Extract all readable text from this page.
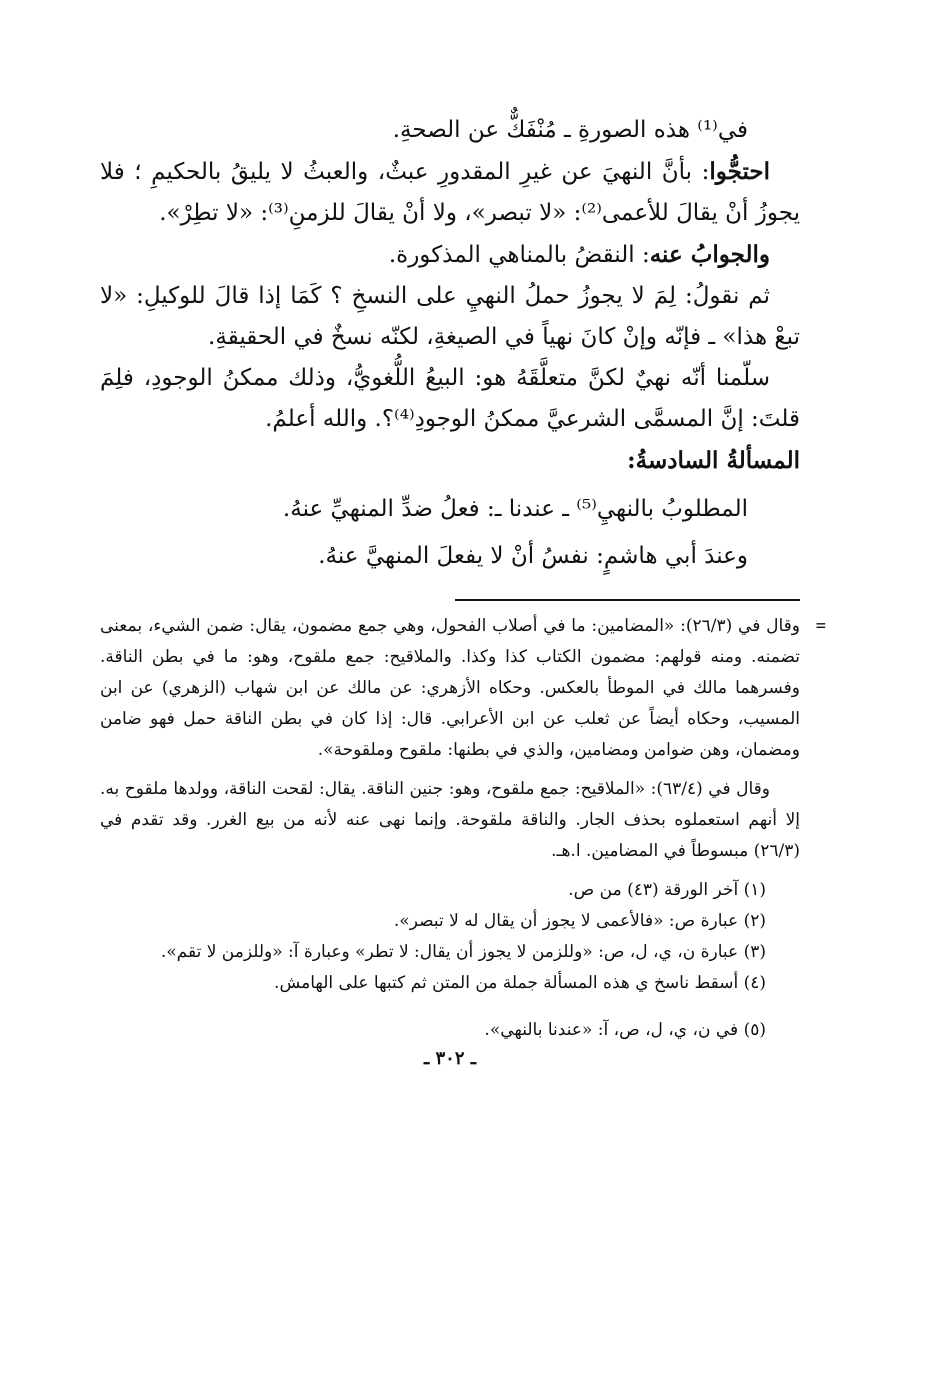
في⁽¹⁾ هذه الصورةِ ـ مُنْفَكٌّ عن الصحةِ.

احتجُّوا: بأنَّ النهيَ عن غيرِ المقدورِ عبثٌ، والعبثُ لا يليقُ بالحكيمِ ؛ فلا يجوزُ أنْ يقالَ للأعمى⁽²⁾: «لا تبصر»، ولا أنْ يقالَ للزمنِ⁽³⁾: «لا تطِرْ».

والجوابُ عنه: النقضُ بالمناهي المذكورة.

ثم نقولُ: لِمَ لا يجوزُ حملُ النهيِ على النسخِ ؟ كَمَا إذا قالَ للوكيلِ: «لا تبعْ هذا» ـ فإنّه وإنْ كانَ نهياً في الصيغةِ، لكنّه نسخٌ في الحقيقةِ.

سلّمنا أنّه نهيٌ لكنَّ متعلَّقَهُ هو: البيعُ اللُّغويُّ، وذلك ممكنُ الوجودِ، فلِمَ قلتَ: إنَّ المسمَّى الشرعيَّ ممكنُ الوجودِ⁽⁴⁾؟. والله أعلمُ.

المسألةُ السادسةُ:

المطلوبُ بالنهيِ⁽⁵⁾ ـ عندنا ـ: فعلُ ضدِّ المنهيِّ عنهُ.

وعندَ أبي هاشمٍ: نفسُ أنْ لا يفعلَ المنهيَّ عنهُ.

=

وقال في (٢٦/٣): «المضامين: ما في أصلاب الفحول، وهي جمع مضمون، يقال: ضمن الشيء، بمعنى تضمنه. ومنه قولهم: مضمون الكتاب كذا وكذا. والملاقيح: جمع ملقوح، وهو: ما في بطن الناقة. وفسرهما مالك في الموطأ بالعكس. وحكاه الأزهري: عن مالك عن ابن شهاب (الزهري) عن ابن المسيب، وحكاه أيضاً عن ثعلب عن ابن الأعرابي. قال: إذا كان في بطن الناقة حمل فهو ضامن ومضمان، وهن ضوامن ومضامين، والذي في بطنها: ملقوح وملقوحة».

وقال في (٦٣/٤): «الملاقيح: جمع ملقوح، وهو: جنين الناقة. يقال: لقحت الناقة، وولدها ملقوح به. إلا أنهم استعملوه بحذف الجار. والناقة ملقوحة. وإنما نهى عنه لأنه من بيع الغرر. وقد تقدم في (٢٦/٣) مبسوطاً في المضامين. ا.هـ.

(١) آخر الورقة (٤٣) من ص.

(٢) عبارة ص: «فالأعمى لا يجوز أن يقال له لا تبصر».

(٣) عبارة ن، ي، ل، ص: «وللزمن لا يجوز أن يقال: لا تطر» وعبارة آ: «وللزمن لا تقم».

(٤) أسقط ناسخ ي هذه المسألة جملة من المتن ثم كتبها على الهامش.

(٥) في ن، ي، ل، ص، آ: «عندنا بالنهي».

ـ ٣٠٢ ـ
